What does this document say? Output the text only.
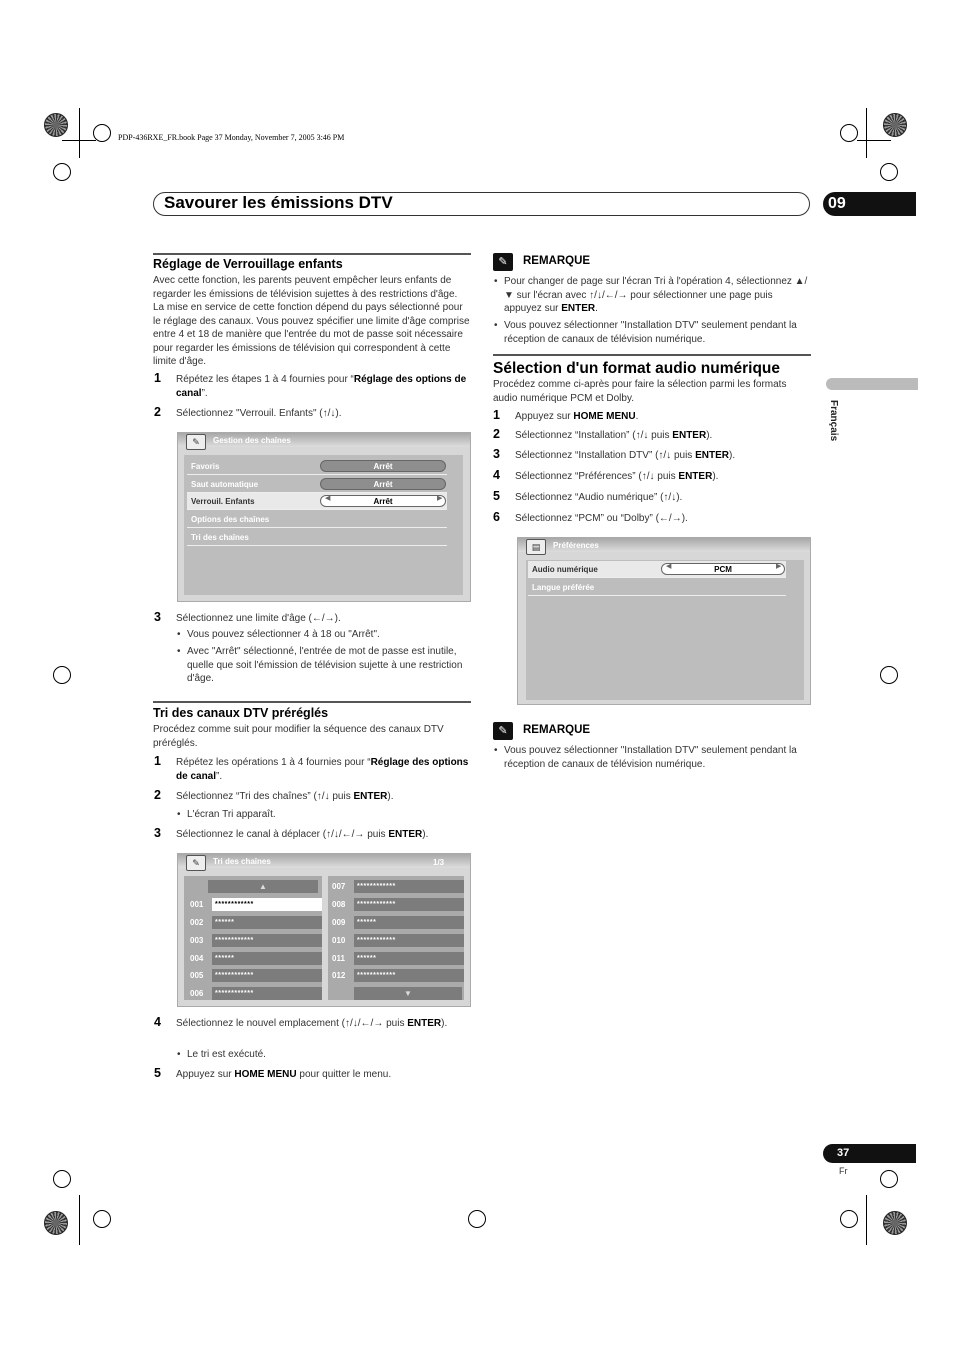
PDP-436RXE_FR.book Page 37 Monday, November 7, 2005 3:46 PM
Savourer les émissions DTV	09
Français
Réglage de Verrouillage enfants
Avec cette fonction, les parents peuvent empêcher leurs enfants de regarder les émissions de télévision sujettes à des restrictions d'âge. La mise en service de cette fonction dépend du pays sélectionné pour le réglage des canaux. Vous pouvez spécifier une limite d'âge comprise entre 4 et 18 de manière que l'entrée du mot de passe soit nécessaire pour regarder les émissions de télévision qui correspondent à cette limite d'âge.
1 Répétez les étapes 1 à 4 fournies pour “Réglage des options de canal”.
2 Sélectionnez "Verrouil. Enfants" (↑/↓).
✎	Gestion des chaînes
Favoris	Arrêt
Saut automatique	Arrêt
Verrouil. Enfants	Arrêt
◀	▶
Options des chaînes
Tri des chaînes
3 Sélectionnez une limite d'âge (←/→).
• Vous pouvez sélectionner 4 à 18 ou "Arrêt".
• Avec "Arrêt" sélectionné, l'entrée de mot de passe est inutile, quelle que soit l'émission de télévision sujette à une restriction d'âge.
Tri des canaux DTV préréglés
Procédez comme suit pour modifier la séquence des canaux DTV préréglés.
1 Répétez les opérations 1 à 4 fournies pour “Réglage des options de canal”.
2 Sélectionnez “Tri des chaînes” (↑/↓ puis ENTER).
• L'écran Tri apparaît.
3 Sélectionnez le canal à déplacer (↑/↓/←/→ puis ENTER).
✎	Tri des chaînes	1/3
▲
001	************
002	******
003	************
004	******
005	************
006	************
007	************
008	************
009	******
010	************
011	******
012	************
▼
4 Sélectionnez le nouvel emplacement (↑/↓/←/→ puis ENTER).
• Le tri est exécuté.
5 Appuyez sur HOME MENU pour quitter le menu.
✎	REMARQUE
• Pour changer de page sur l'écran Tri à l'opération 4, sélectionnez ▲/▼ sur l'écran avec ↑/↓/←/→ pour sélectionner une page puis appuyez sur ENTER.
• Vous pouvez sélectionner "Installation DTV" seulement pendant la réception de canaux de télévision numérique.
Sélection d'un format audio numérique
Procédez comme ci-après pour faire la sélection parmi les formats audio numérique PCM et Dolby.
1 Appuyez sur HOME MENU.
2 Sélectionnez “Installation” (↑/↓ puis ENTER).
3 Sélectionnez “Installation DTV” (↑/↓ puis ENTER).
4 Sélectionnez “Préférences” (↑/↓ puis ENTER).
5 Sélectionnez “Audio numérique” (↑/↓).
6 Sélectionnez “PCM” ou “Dolby” (←/→).
▤	Préférences
Audio numérique	PCM
◀	▶
Langue préférée
✎	REMARQUE
• Vous pouvez sélectionner "Installation DTV" seulement pendant la réception de canaux de télévision numérique.
37
Fr
